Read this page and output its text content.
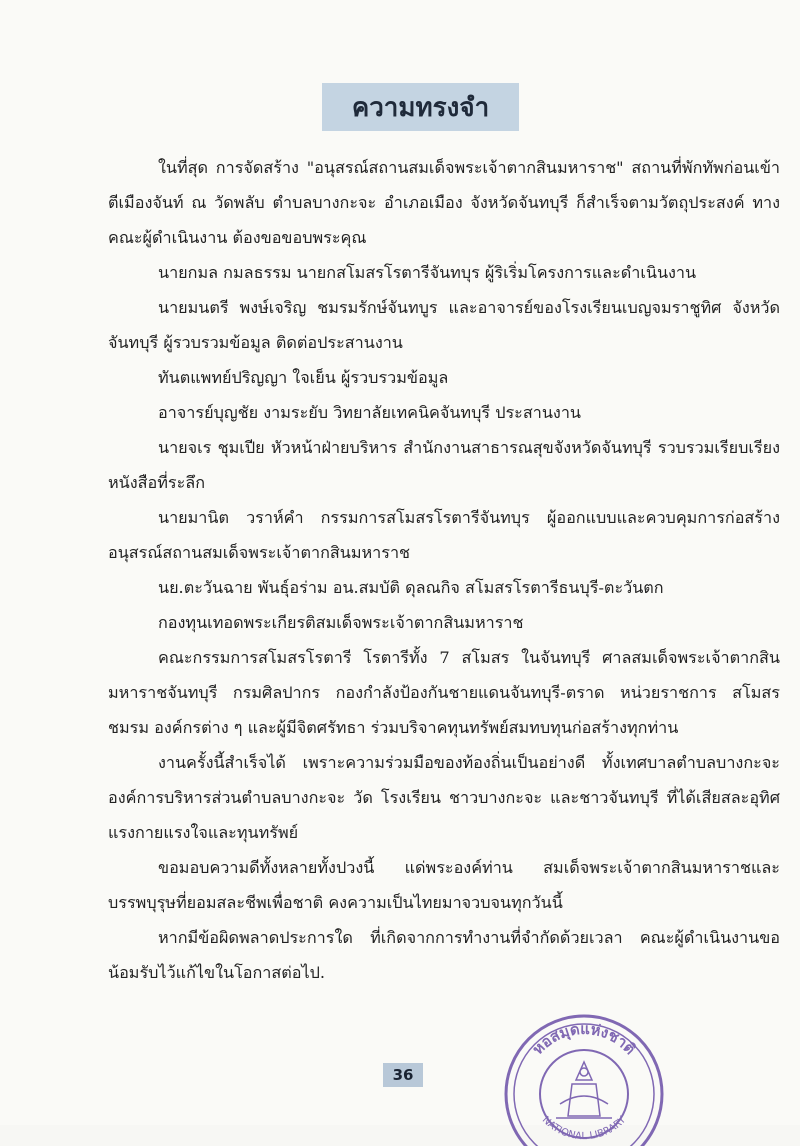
ความทรงจำ

ในที่สุด การจัดสร้าง "อนุสรณ์สถานสมเด็จพระเจ้าตากสินมหาราช" สถานที่พักทัพก่อนเข้าตีเมืองจันท์ ณ วัดพลับ ตำบลบางกะจะ อำเภอเมือง จังหวัดจันทบุรี ก็สำเร็จตามวัตถุประสงค์ ทางคณะผู้ดำเนินงาน ต้องขอขอบพระคุณ

นายกมล กมลธรรม นายกสโมสรโรตารีจันทบุร ผู้ริเริ่มโครงการและดำเนินงาน

นายมนตรี พงษ์เจริญ ชมรมรักษ์จันทบูร และอาจารย์ของโรงเรียนเบญจมราชูทิศ จังหวัดจันทบุรี ผู้รวบรวมข้อมูล ติดต่อประสานงาน

ทันตแพทย์ปริญญา ใจเย็น ผู้รวบรวมข้อมูล

อาจารย์บุญชัย งามระยับ วิทยาลัยเทคนิคจันทบุรี ประสานงาน

นายจเร ชุมเปีย หัวหน้าฝ่ายบริหาร สำนักงานสาธารณสุขจังหวัดจันทบุรี รวบรวมเรียบเรียงหนังสือที่ระลึก

นายมานิต วราห์คำ กรรมการสโมสรโรตารีจันทบุร ผู้ออกแบบและควบคุมการก่อสร้าง อนุสรณ์สถานสมเด็จพระเจ้าตากสินมหาราช

นย.ตะวันฉาย พันธุ์อร่าม อน.สมบัติ ดุลณกิจ สโมสรโรตารีธนบุรี-ตะวันตก

กองทุนเทอดพระเกียรติสมเด็จพระเจ้าตากสินมหาราช

คณะกรรมการสโมสรโรตารี โรตารีทั้ง 7 สโมสร ในจันทบุรี ศาลสมเด็จพระเจ้าตากสินมหาราชจันทบุรี กรมศิลปากร กองกำลังป้องกันชายแดนจันทบุรี-ตราด หน่วยราชการ สโมสร ชมรม องค์กรต่าง ๆ และผู้มีจิตศรัทธา ร่วมบริจาคทุนทรัพย์สมทบทุนก่อสร้างทุกท่าน

งานครั้งนี้สำเร็จได้ เพราะความร่วมมือของท้องถิ่นเป็นอย่างดี ทั้งเทศบาลตำบลบางกะจะ องค์การบริหารส่วนตำบลบางกะจะ วัด โรงเรียน ชาวบางกะจะ และชาวจันทบุรี ที่ได้เสียสละอุทิศแรงกายแรงใจและทุนทรัพย์

ขอมอบความดีทั้งหลายทั้งปวงนี้ แด่พระองค์ท่าน สมเด็จพระเจ้าตากสินมหาราชและบรรพบุรุษที่ยอมสละชีพเพื่อชาติ คงความเป็นไทยมาจวบจนทุกวันนี้

หากมีข้อผิดพลาดประการใด ที่เกิดจากการทำงานที่จำกัดด้วยเวลา คณะผู้ดำเนินงานขอน้อมรับไว้แก้ไขในโอกาสต่อไป.

36
หอสมุดแห่งชาติ
NATIONAL LIBRARY
